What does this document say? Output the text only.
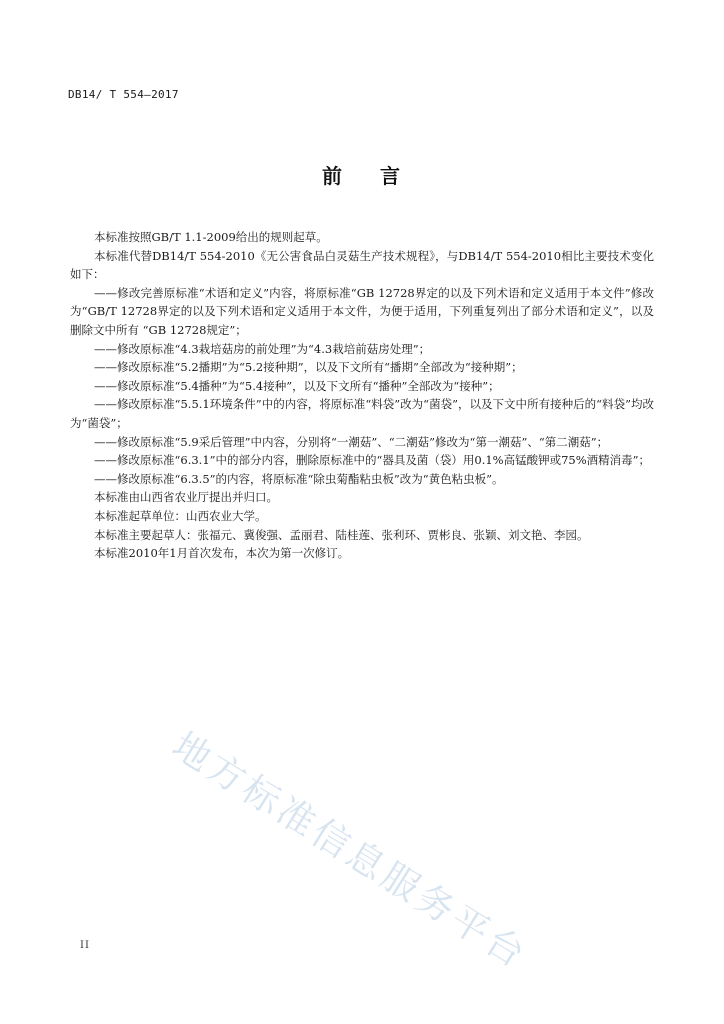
DB14/ T 554—2017
前 言

本标准按照GB/T 1.1-2009给出的规则起草。

本标准代替DB14/T 554-2010《无公害食品白灵菇生产技术规程》，与DB14/T 554-2010相比主要技术变化如下：

——修改完善原标准“术语和定义”内容，将原标准“GB 12728界定的以及下列术语和定义适用于本文件”修改为“GB/T 12728界定的以及下列术语和定义适用于本文件，为便于适用，下列重复列出了部分术语和定义”，以及删除文中所有 “GB 12728规定”；

——修改原标准“4.3栽培菇房的前处理”为“4.3栽培前菇房处理”；

——修改原标准“5.2播期”为“5.2接种期”，以及下文所有“播期”全部改为“接种期”；

——修改原标准“5.4播种”为“5.4接种”，以及下文所有“播种”全部改为“接种”；

——修改原标准“5.5.1环境条件”中的内容，将原标准“料袋”改为“菌袋”，以及下文中所有接种后的“料袋”均改为“菌袋”；

——修改原标准“5.9采后管理”中内容，分别将“一潮菇”、“二潮菇”修改为“第一潮菇”、“第二潮菇”；

——修改原标准“6.3.1”中的部分内容，删除原标准中的“器具及菌（袋）用0.1%高锰酸钾或75%酒精消毒”；

——修改原标准“6.3.5”的内容，将原标准“除虫菊酯粘虫板”改为“黄色粘虫板”。

本标准由山西省农业厅提出并归口。

本标准起草单位：山西农业大学。

本标准主要起草人：张福元、冀俊强、孟丽君、陆桂莲、张利环、贾彬良、张颖、刘文艳、李园。

本标准2010年1月首次发布，本次为第一次修订。

地方标准信息服务平台
II
